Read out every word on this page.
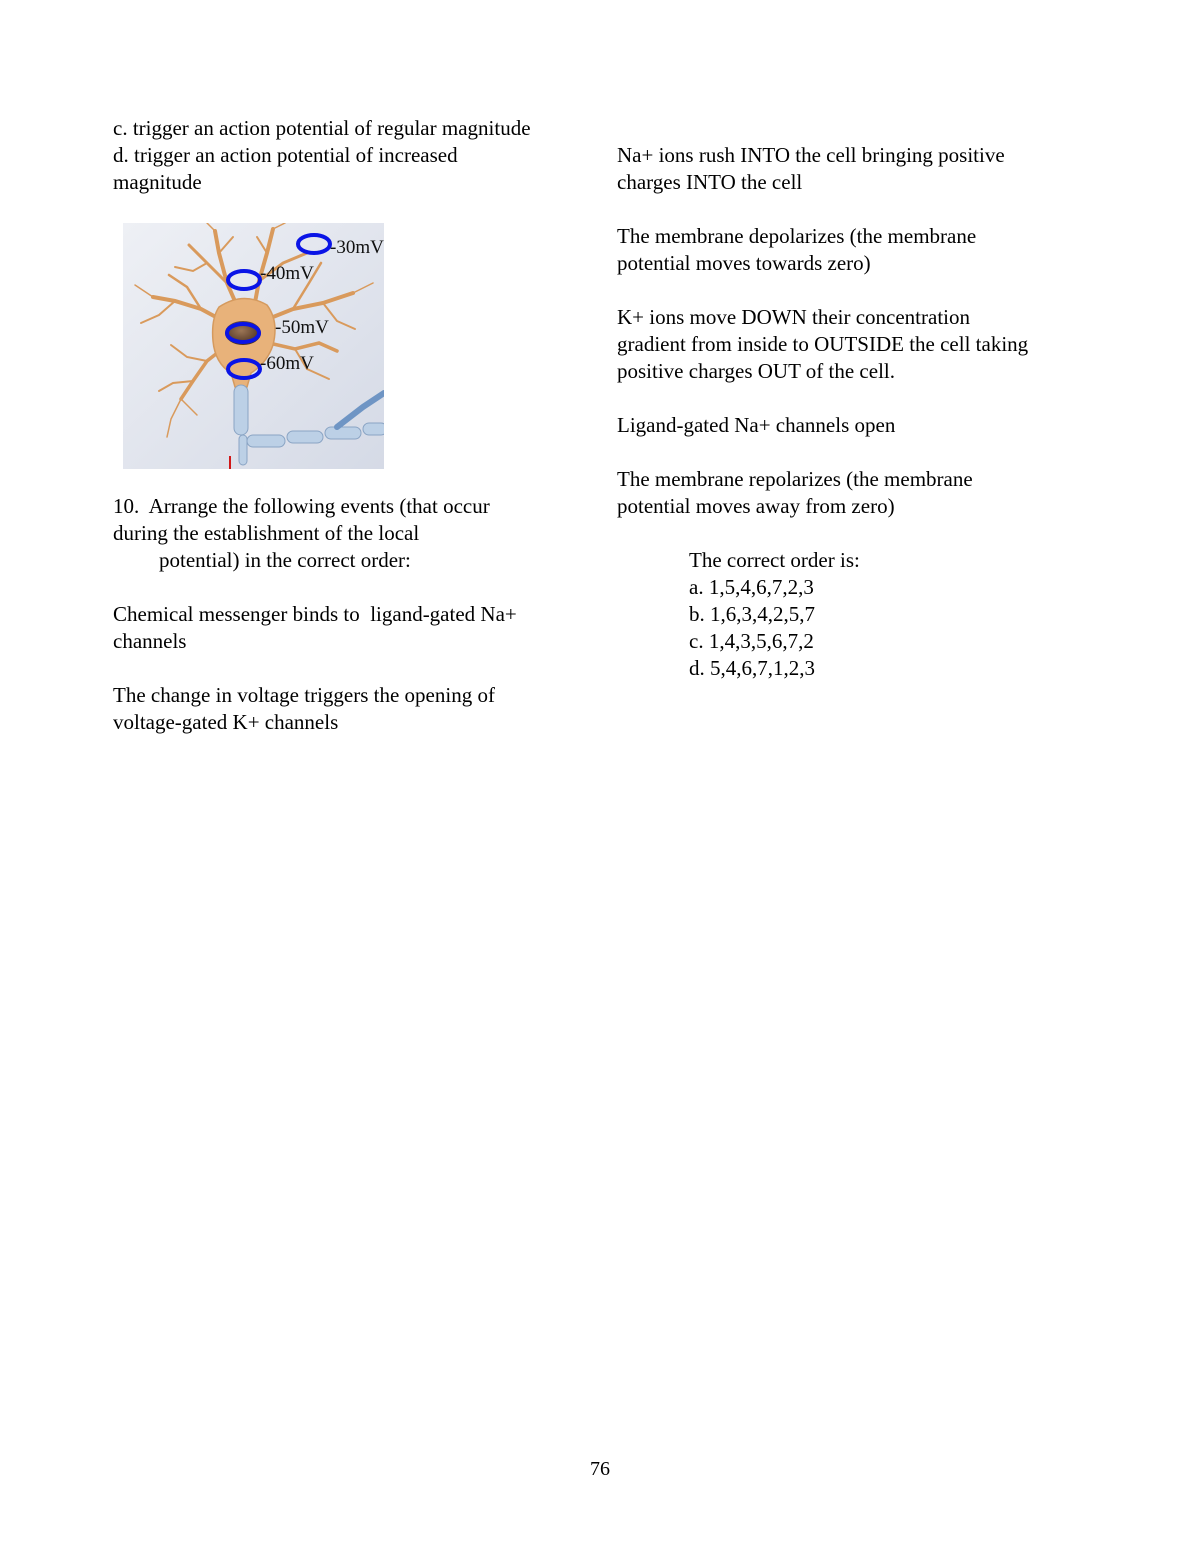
c. trigger an action potential of regular magnitude
d. trigger an action potential of increased
magnitude
10.  Arrange the following events (that occur
during the establishment of the local
potential) in the correct order:
Chemical messenger binds to  ligand-gated Na+
channels
The change in voltage triggers the opening of
voltage-gated K+ channels
-30mV
-40mV
-50mV
-60mV
Na+ ions rush INTO the cell bringing positive
charges INTO the cell
The membrane depolarizes (the membrane
potential moves towards zero)
K+ ions move DOWN their concentration
gradient from inside to OUTSIDE the cell taking
positive charges OUT of the cell.
Ligand-gated Na+ channels open
The membrane repolarizes (the membrane
potential moves away from zero)
The correct order is:
a. 1,5,4,6,7,2,3
b. 1,6,3,4,2,5,7
c. 1,4,3,5,6,7,2
d. 5,4,6,7,1,2,3
76
